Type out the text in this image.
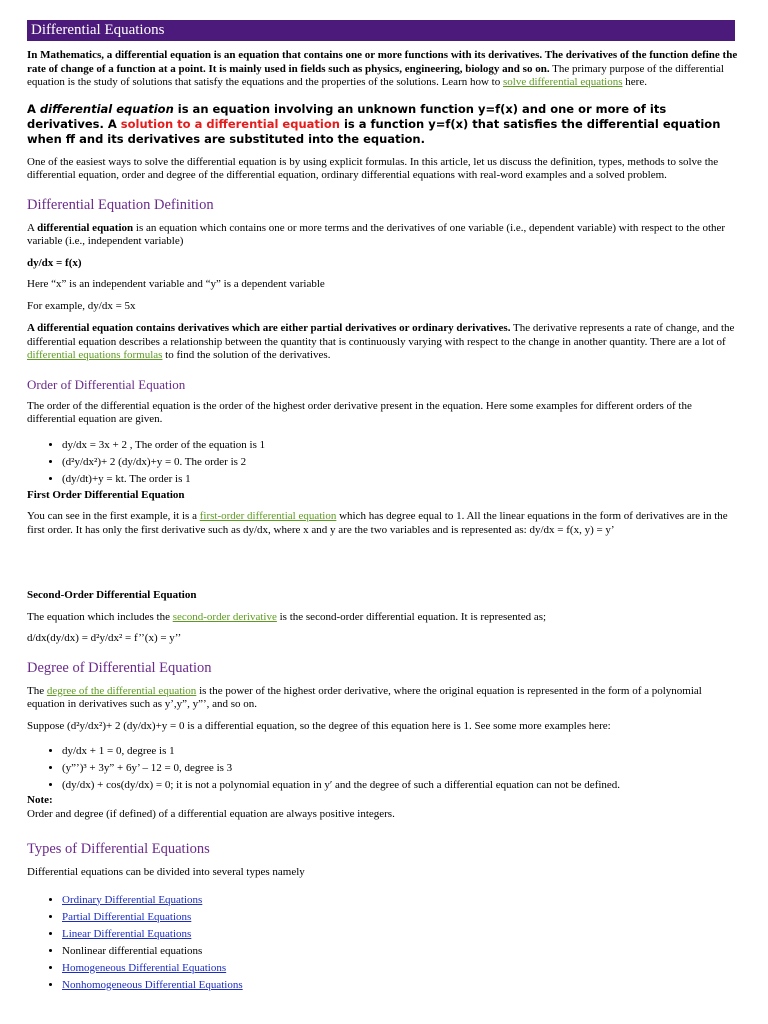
Differential Equations

In Mathematics, a differential equation is an equation that contains one or more functions with its derivatives. The derivatives of the function define the rate of change of a function at a point. It is mainly used in fields such as physics, engineering, biology and so on. The primary purpose of the differential equation is the study of solutions that satisfy the equations and the properties of the solutions. Learn how to solve differential equations here.

A differential equation is an equation involving an unknown function y=f(x) and one or more of its derivatives. A solution to a differential equation is a function y=f(x) that satisfies the differential equation when ff and its derivatives are substituted into the equation.

One of the easiest ways to solve the differential equation is by using explicit formulas. In this article, let us discuss the definition, types, methods to solve the differential equation, order and degree of the differential equation, ordinary differential equations with real-word examples and a solved problem.

Differential Equation Definition

A differential equation is an equation which contains one or more terms and the derivatives of one variable (i.e., dependent variable) with respect to the other variable (i.e., independent variable)

dy/dx = f(x)

Here “x” is an independent variable and “y” is a dependent variable

For example, dy/dx = 5x

A differential equation contains derivatives which are either partial derivatives or ordinary derivatives. The derivative represents a rate of change, and the differential equation describes a relationship between the quantity that is continuously varying with respect to the change in another quantity. There are a lot of differential equations formulas to find the solution of the derivatives.

Order of Differential Equation

The order of the differential equation is the order of the highest order derivative present in the equation. Here some examples for different orders of the differential equation are given.

• dy/dx = 3x + 2 , The order of the equation is 1
• (d²y/dx²)+ 2 (dy/dx)+y = 0. The order is 2
• (dy/dt)+y = kt. The order is 1

First Order Differential Equation

You can see in the first example, it is a first-order differential equation which has degree equal to 1. All the linear equations in the form of derivatives are in the first order. It has only the first derivative such as dy/dx, where x and y are the two variables and is represented as: dy/dx = f(x, y) = y’

Second-Order Differential Equation

The equation which includes the second-order derivative is the second-order differential equation. It is represented as;

d/dx(dy/dx) = d²y/dx² = f’’(x) = y’’

Degree of Differential Equation

The degree of the differential equation is the power of the highest order derivative, where the original equation is represented in the form of a polynomial equation in derivatives such as y’,y”, y”’, and so on.

Suppose (d²y/dx²)+ 2 (dy/dx)+y = 0 is a differential equation, so the degree of this equation here is 1. See some more examples here:

• dy/dx + 1 = 0, degree is 1
• (y”’)³ + 3y” + 6y’ – 12 = 0, degree is 3
• (dy/dx) + cos(dy/dx) = 0; it is not a polynomial equation in y′ and the degree of such a differential equation can not be defined.

Note:

Order and degree (if defined) of a differential equation are always positive integers.

Types of Differential Equations

Differential equations can be divided into several types namely

• Ordinary Differential Equations
• Partial Differential Equations
• Linear Differential Equations
• Nonlinear differential equations
• Homogeneous Differential Equations
• Nonhomogeneous Differential Equations
